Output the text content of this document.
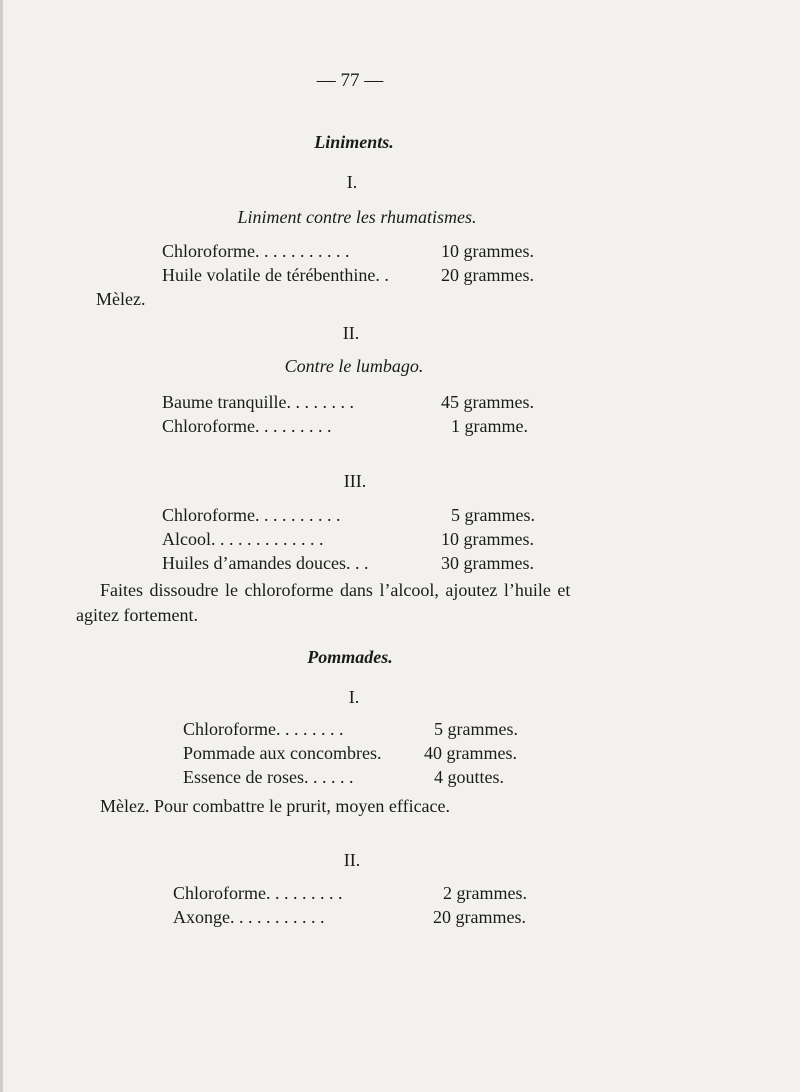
— 77 —
Liniments.
I.
Liniment contre les rhumatismes.
Chloroforme. . . . . . . . . . .	10 grammes.
Huile volatile de térébenthine. .	20 grammes.
Mèlez.
II.
Contre le lumbago.
Baume tranquille. . . . . . . .	45 grammes.
Chloroforme. . . . . . . . .	1 gramme.
III.
Chloroforme. . . . . . . . . .	5 grammes.
Alcool. . . . . . . . . . . . .	10 grammes.
Huiles d’amandes douces. . .	30 grammes.
Faites dissoudre le chloroforme dans l’alcool, ajoutez l’huile et
agitez fortement.
Pommades.
I.
Chloroforme. . . . . . . .	5 grammes.
Pommade aux concombres. 40 grammes.
Essence de roses. . . . . .	4 gouttes.
Mèlez. Pour combattre le prurit, moyen efficace.
II.
Chloroforme. . . . . . . . .	2 grammes.
Axonge. . . . . . . . . . .	20 grammes.
